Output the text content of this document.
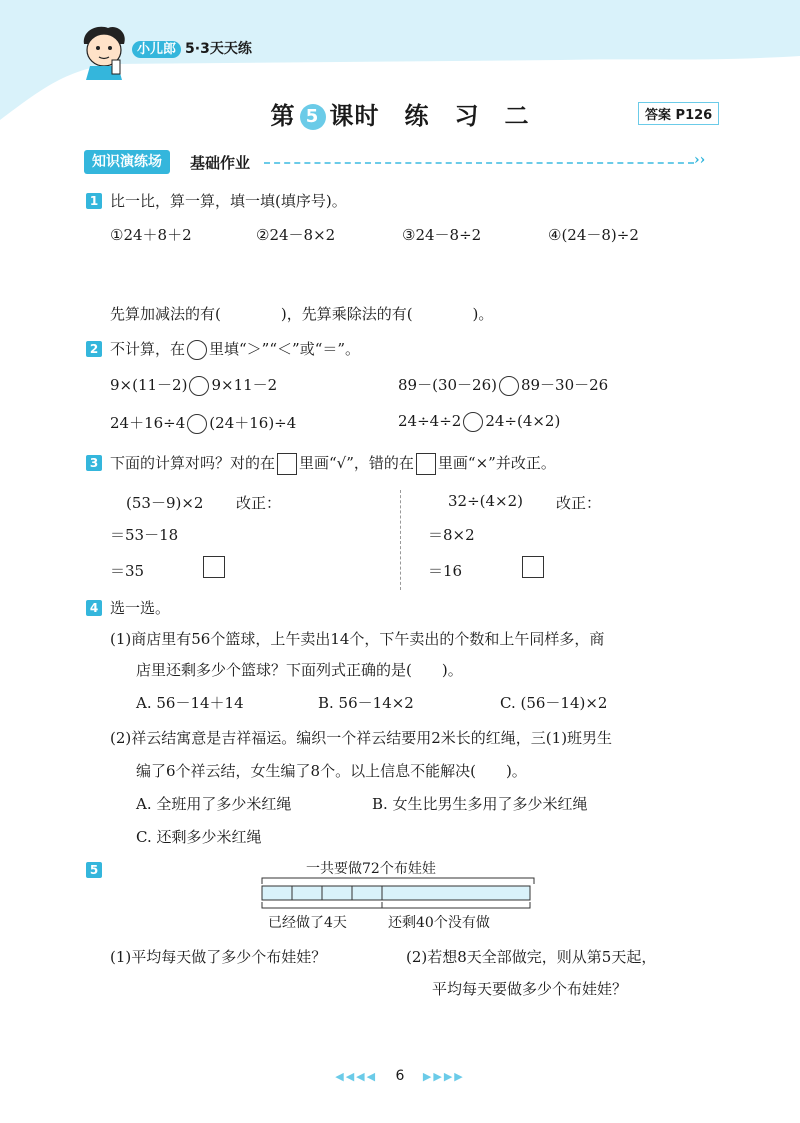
小儿郎 5·3天天练
第 5 课时　练　习　二	答案 P126
知识演练场	基础作业	››
1 比一比，算一算，填一填(填序号)。
①24＋8＋2	②24－8×2	③24－8÷2	④(24－8)÷2
先算加减法的有(　　　　)，先算乘除法的有(　　　　)。
2 不计算，在 里填“＞”“＜”或“＝”。
9×(11－2) 9×11－2	89－(30－26) 89－30－26
24＋16÷4 (24＋16)÷4	24÷4÷2 24÷(4×2)
3 下面的计算对吗？对的在 里画“√”，错的在 里画“×”并改正。
(53－9)×2 改正：
＝53－18
＝35
32÷(4×2) 改正：
＝8×2
＝16
4 选一选。
(1)商店里有56个篮球，上午卖出14个，下午卖出的个数和上午同样多，商
店里还剩多少个篮球？下面列式正确的是(　　)。
A. 56－14＋14	B. 56－14×2	C. (56－14)×2
(2)祥云结寓意是吉祥福运。编织一个祥云结要用2米长的红绳，三(1)班男生
编了6个祥云结，女生编了8个。以上信息不能解决(　　)。
A. 全班用了多少米红绳	B. 女生比男生多用了多少米红绳
C. 还剩多少米红绳
5	一共要做72个布娃娃
已经做了4天	还剩40个没有做
(1)平均每天做了多少个布娃娃？	(2)若想8天全部做完，则从第5天起，
平均每天要做多少个布娃娃？
◀◀◀◀ 6 ▶▶▶▶
